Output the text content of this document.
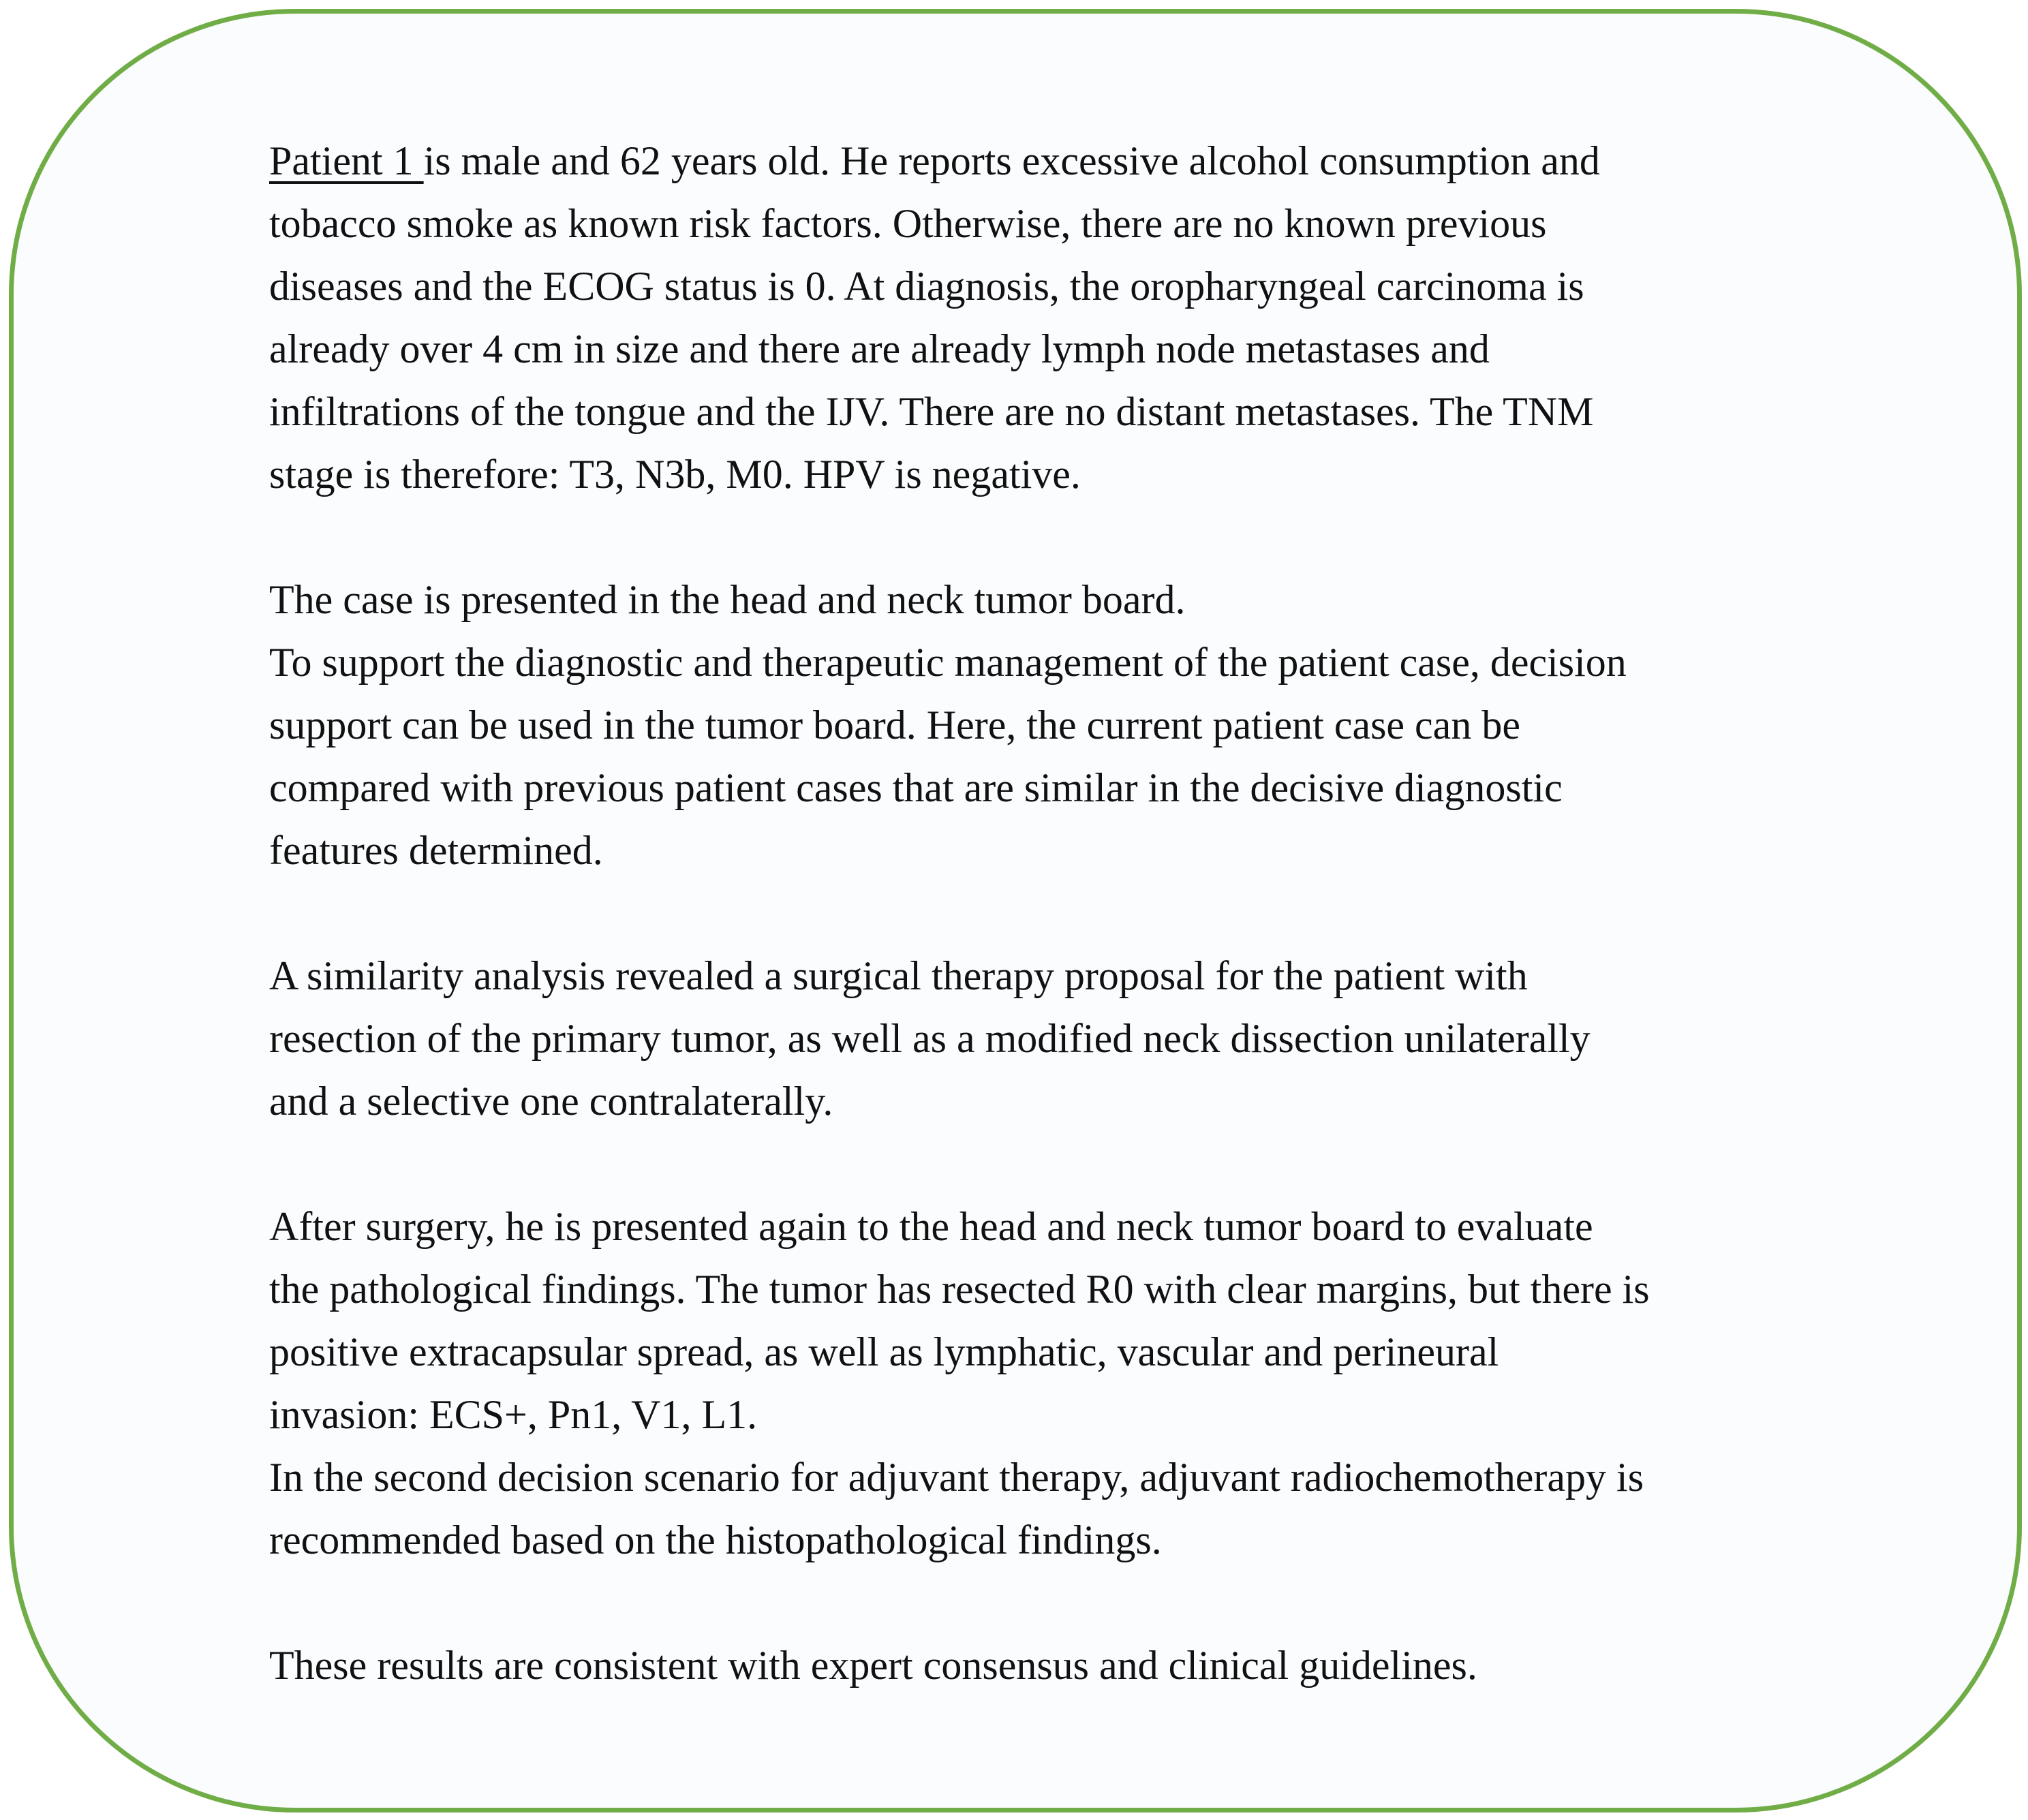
Patient 1 is male and 62 years old. He reports excessive alcohol consumption and
tobacco smoke as known risk factors. Otherwise, there are no known previous
diseases and the ECOG status is 0. At diagnosis, the oropharyngeal carcinoma is
already over 4 cm in size and there are already lymph node metastases and
infiltrations of the tongue and the IJV. There are no distant metastases. The TNM
stage is therefore: T3, N3b, M0. HPV is negative.
The case is presented in the head and neck tumor board.
To support the diagnostic and therapeutic management of the patient case, decision
support can be used in the tumor board. Here, the current patient case can be
compared with previous patient cases that are similar in the decisive diagnostic
features determined.
A similarity analysis revealed a surgical therapy proposal for the patient with
resection of the primary tumor, as well as a modified neck dissection unilaterally
and a selective one contralaterally.
After surgery, he is presented again to the head and neck tumor board to evaluate
the pathological findings. The tumor has resected R0 with clear margins, but there is
positive extracapsular spread, as well as lymphatic, vascular and perineural
invasion: ECS+, Pn1, V1, L1.
In the second decision scenario for adjuvant therapy, adjuvant radiochemotherapy is
recommended based on the histopathological findings.
These results are consistent with expert consensus and clinical guidelines.
